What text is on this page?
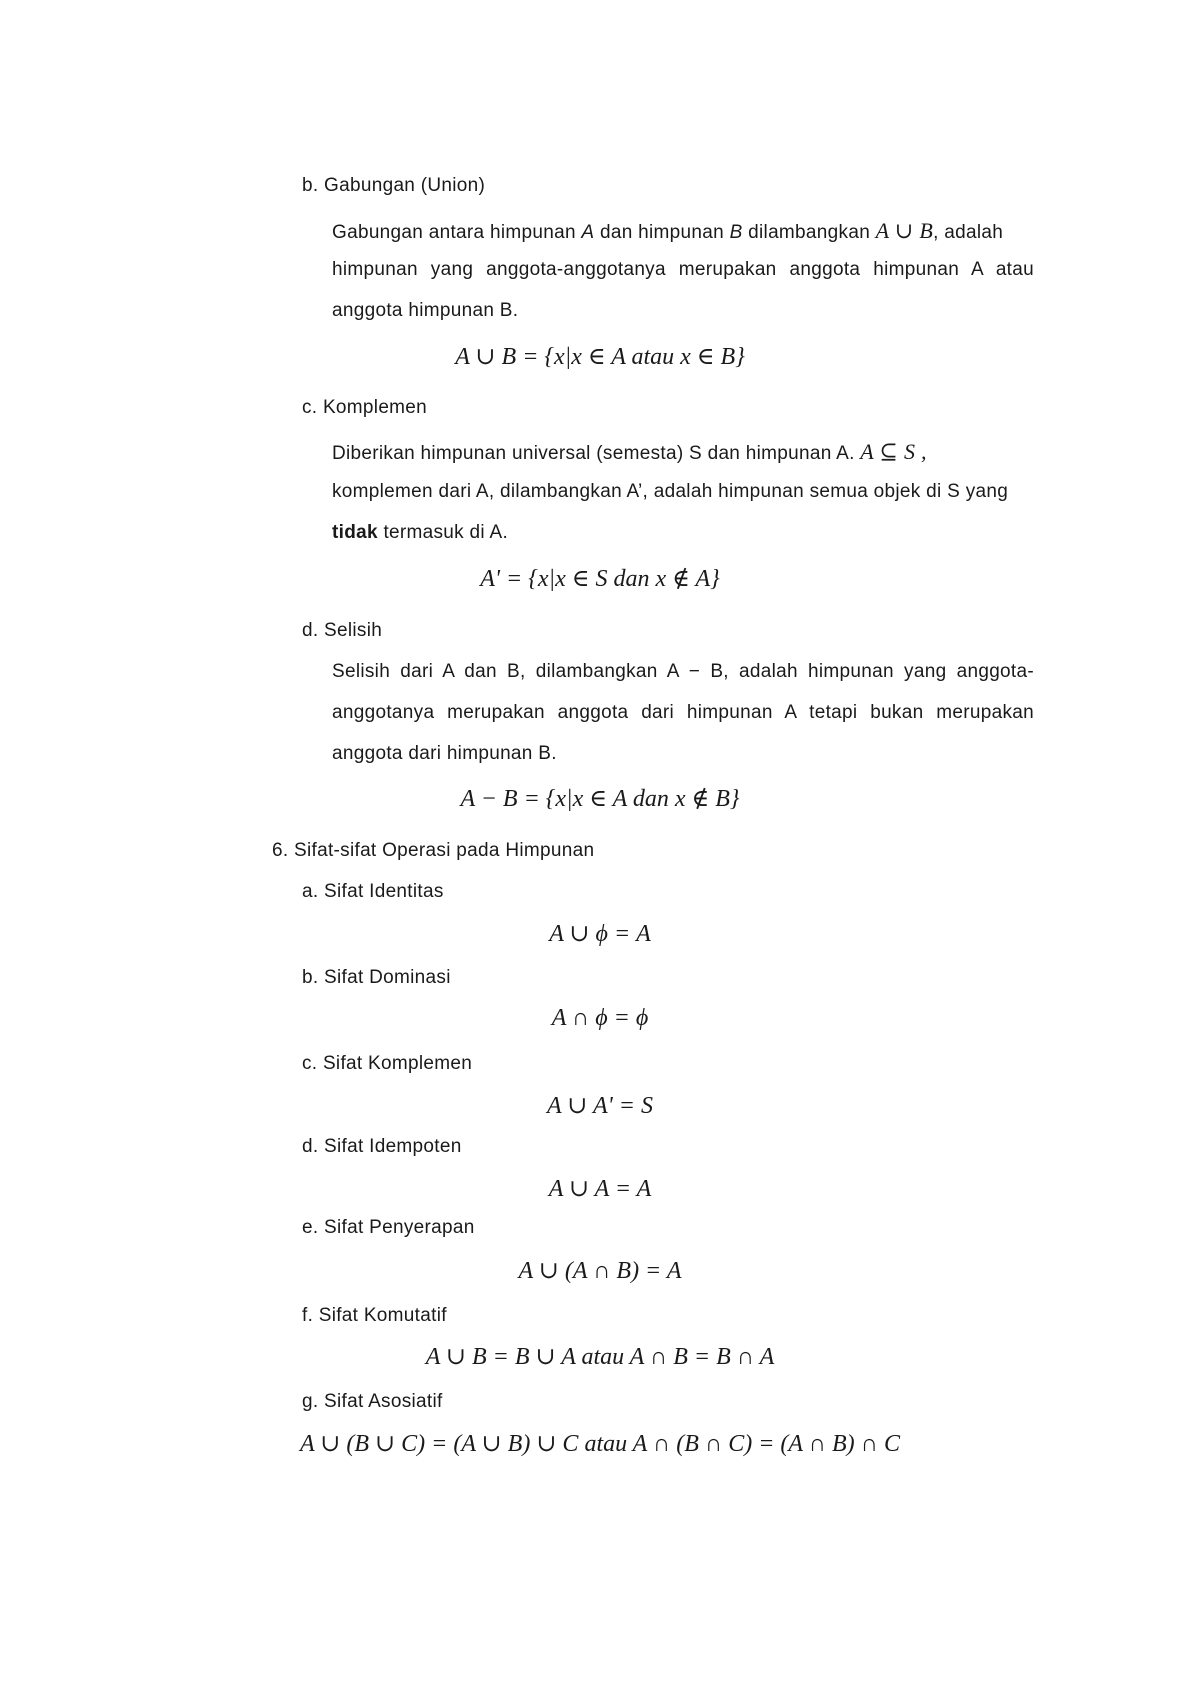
b. Gabungan (Union)
Gabungan antara himpunan A dan himpunan B dilambangkan A ∪ B, adalah
himpunan yang anggota-anggotanya merupakan anggota himpunan A atau
anggota himpunan B.
A ∪ B = {x|x ∈ A atau x ∈ B}
c. Komplemen
Diberikan himpunan universal (semesta) S dan himpunan A. A ⊆ S ,
komplemen dari A, dilambangkan A’, adalah himpunan semua objek di S yang
tidak termasuk di A.
A' = {x|x ∈ S dan x ∉ A}
d. Selisih
Selisih dari A dan B, dilambangkan A − B, adalah himpunan yang anggota-
anggotanya merupakan anggota dari himpunan A tetapi bukan merupakan
anggota dari himpunan B.
A − B = {x|x ∈ A dan x ∉ B}
6. Sifat-sifat Operasi pada Himpunan
a. Sifat Identitas
A ∪ ϕ = A
b. Sifat Dominasi
A ∩ ϕ = ϕ
c. Sifat Komplemen
A ∪ A' = S
d. Sifat Idempoten
A ∪ A = A
e. Sifat Penyerapan
A ∪ (A ∩ B) = A
f. Sifat Komutatif
A ∪ B = B ∪ A atau A ∩ B = B ∩ A
g. Sifat Asosiatif
A ∪ (B ∪ C) = (A ∪ B) ∪ C atau A ∩ (B ∩ C) = (A ∩ B) ∩ C
